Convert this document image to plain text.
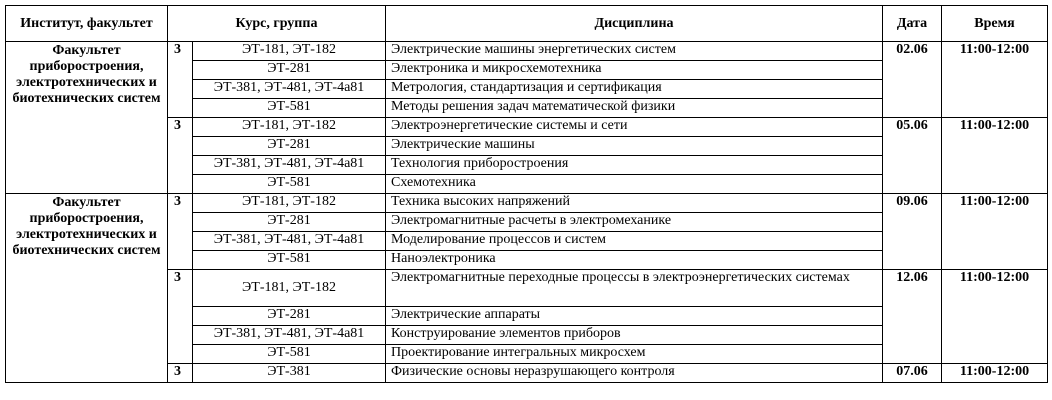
Институт, факультет	Курс, группа		Дисциплина	Дата	Время
Факультет приборостроения, электротехнических и биотехнических систем	3	ЭТ-181, ЭТ-182	Электрические машины энергетических систем	02.06	11:00-12:00
		ЭТ-281	Электроника и микросхемотехника		
		ЭТ-381, ЭТ-481, ЭТ-4а81	Метрология, стандартизация и сертификация		
		ЭТ-581	Методы решения задач математической физики		
	3	ЭТ-181, ЭТ-182	Электроэнергетические системы и сети	05.06	11:00-12:00
		ЭТ-281	Электрические машины		
		ЭТ-381, ЭТ-481, ЭТ-4а81	Технология приборостроения		
		ЭТ-581	Схемотехника		
Факультет приборостроения, электротехнических и биотехнических систем	3	ЭТ-181, ЭТ-182	Техника высоких напряжений	09.06	11:00-12:00
		ЭТ-281	Электромагнитные расчеты в электромеханике		
		ЭТ-381, ЭТ-481, ЭТ-4а81	Моделирование процессов и систем		
		ЭТ-581	Наноэлектроника		
	3	ЭТ-181, ЭТ-182	Электромагнитные переходные процессы в электроэнергетических системах	12.06	11:00-12:00
		ЭТ-281	Электрические аппараты		
		ЭТ-381, ЭТ-481, ЭТ-4а81	Конструирование элементов приборов		
		ЭТ-581	Проектирование интегральных микросхем		
	3	ЭТ-381	Физические основы неразрушающего контроля	07.06	11:00-12:00
